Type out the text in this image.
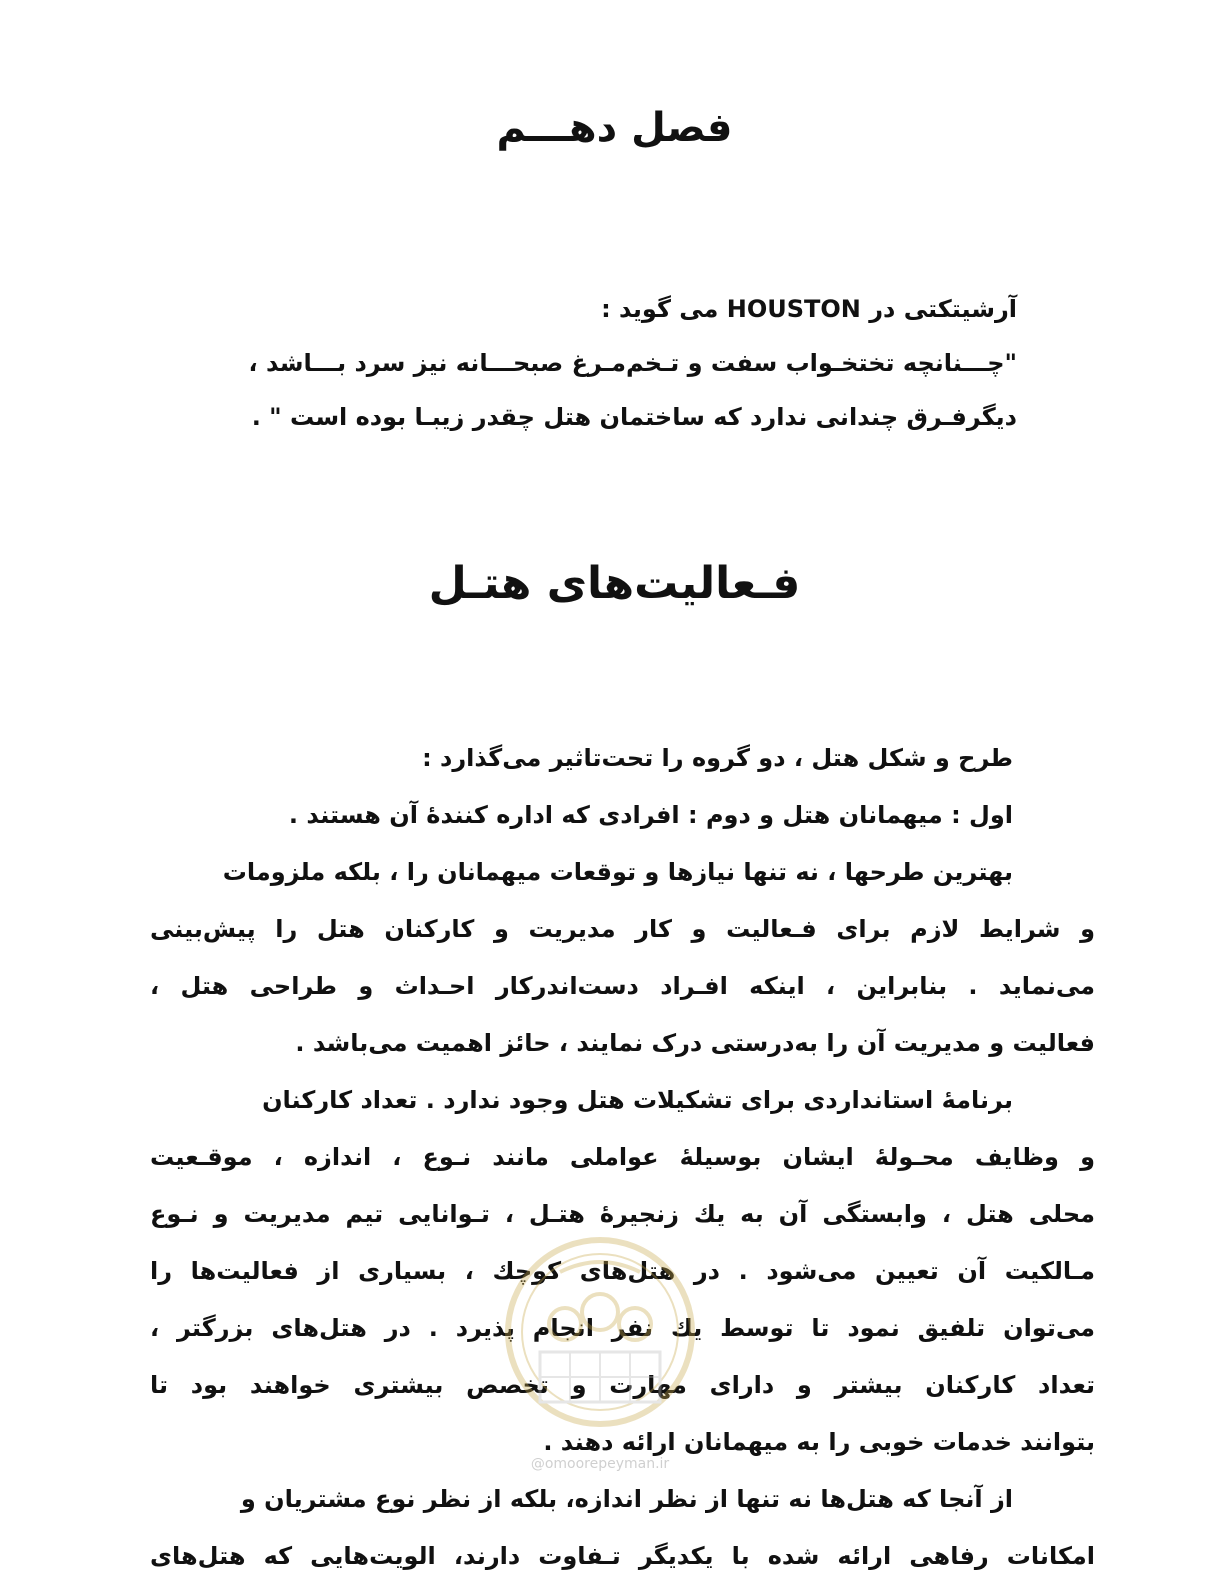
فصل دهـــم

آرشیتکتی در HOUSTON می گوید :

"چـــنانچه تختخـواب سفت و تـخم‌مـرغ صبحـــانه نیز سرد بـــاشد ،

دیگرفـرق چندانی ندارد که ساختمان هتل چقدر زیبـا بوده است " .

فـعالیت‌های هتـل

طرح و شکل هتل ، دو گروه را تحت‌تاثیر می‌گذارد :

اول : میهمانان هتل و دوم : افرادی که اداره کنندهٔ آن هستند .

بهترین طرحها ، نه تنها نیازها و توقعات میهمانان را ، بلکه ملزومات

و شرایط لازم برای فـعالیت و کار مدیریت و کارکنان هتل را پیش‌بینی

می‌نماید . بنابراین ، اینکه افـراد دست‌اندرکار احـداث و طراحی هتل ،

فعالیت و مدیریت آن را به‌درستی درک نمایند ، حائز اهمیت می‌باشد .

برنامهٔ استانداردی برای تشکیلات هتل وجود ندارد . تعداد کارکنان

و وظایف محـولهٔ ایشان بوسیلهٔ عواملی مانند نـوع ، اندازه ، موقـعیت

محلی هتل ، وابستگی آن به یك زنجیرهٔ هتـل ، تـوانایی تیم مدیریت و نـوع

مـالکیت آن تعیین می‌شود . در هتل‌های کوچك ، بسیاری از فعالیت‌ها را

می‌توان تلفیق نمود تا توسط یك نفر انجام پذیرد . در هتل‌های بزرگتر ،

تعداد کارکنان بیشتر و دارای مهارت و تخصص بیشتری خواهند بود تا

بتوانند خدمات خوبی را به میهمانان ارائه دهند .

از آنجا که هتل‌ها نه تنها از نظر اندازه، بلکه از نظر نوع مشتریان و

امکانات رفاهی ارائه شده با یکدیگر تـفاوت دارند، الویت‌هایی که هتل‌های

@omoorepeyman.ir
